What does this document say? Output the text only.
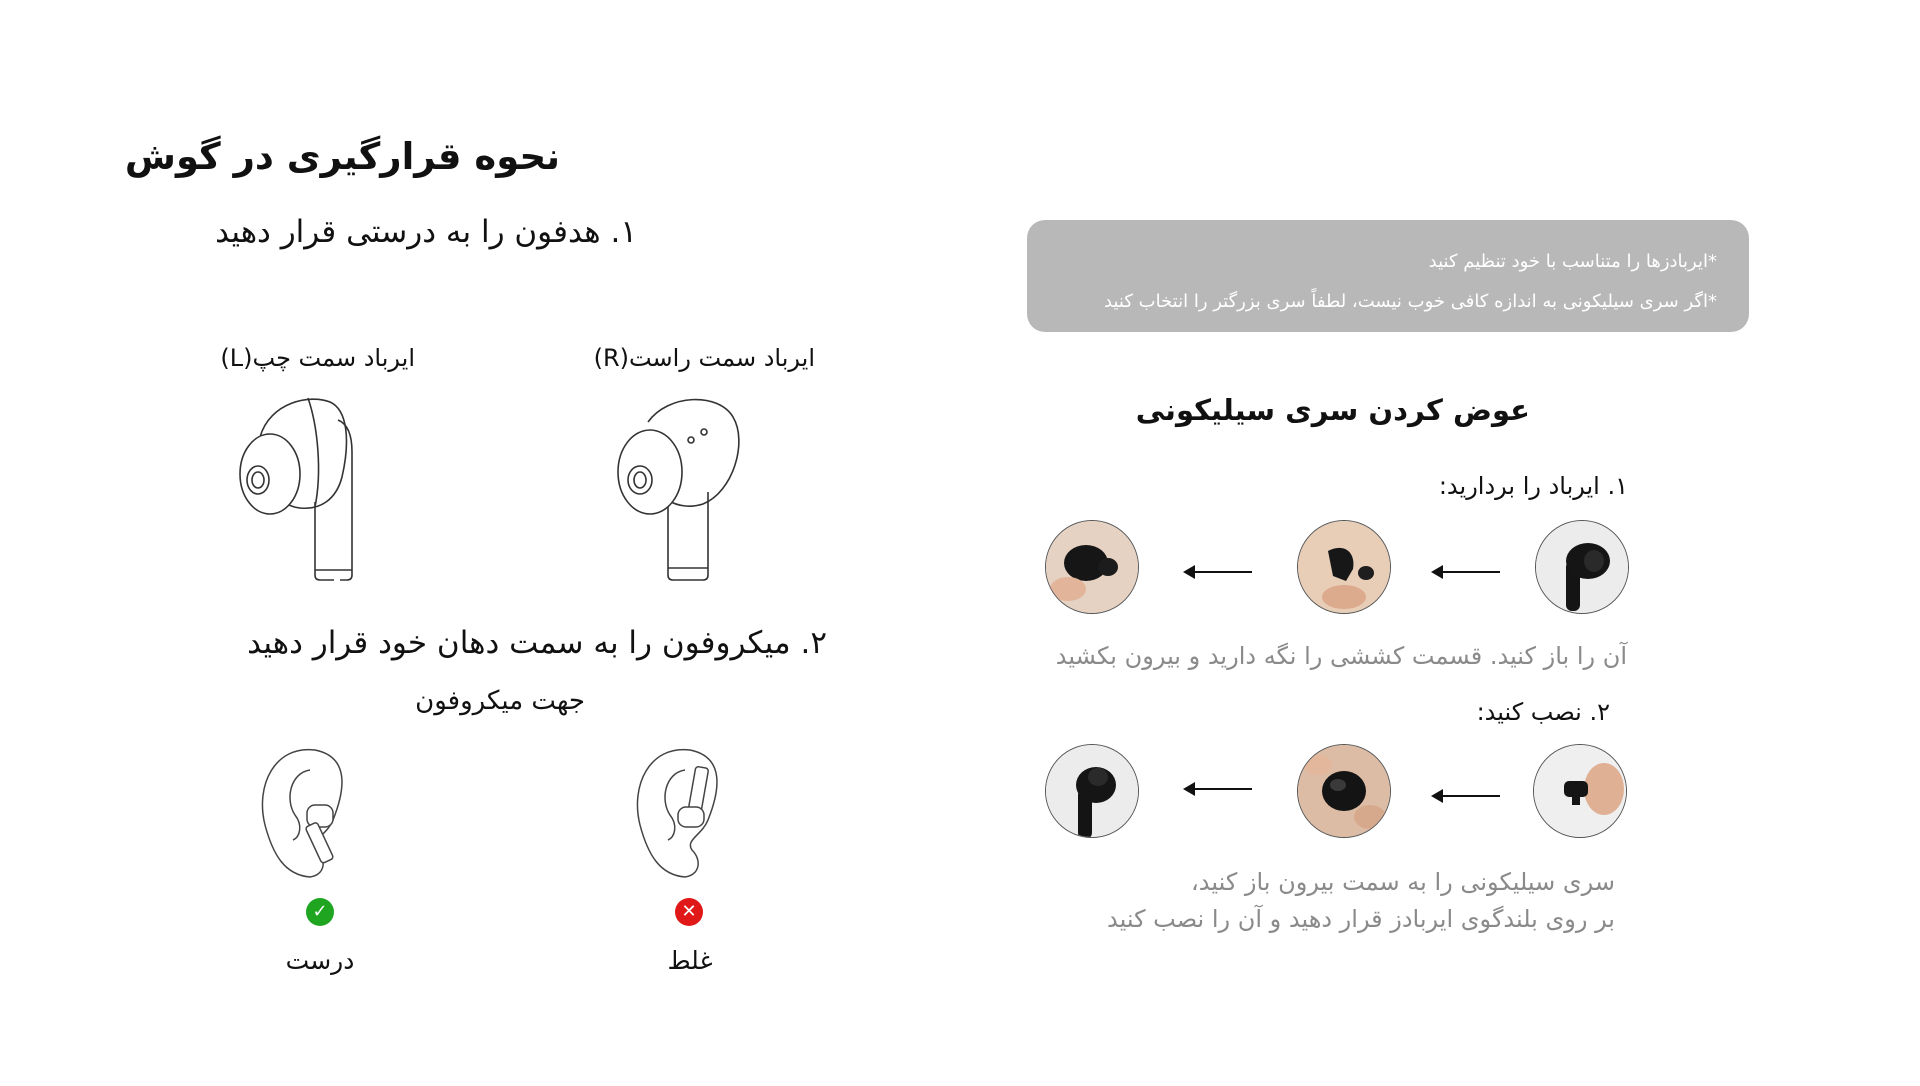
نحوه قرارگیری در گوش
۱. هدفون را به درستی قرار دهید
ایرباد سمت چپ(L)	ایرباد سمت راست(R)
۲. میکروفون را به سمت دهان خود قرار دهید
جهت میکروفون
✓	✕
درست	غلط
*ایربادزها را متناسب با خود تنظیم کنید
*اگر سری سیلیکونی به اندازه کافی خوب نیست، لطفاً سری بزرگتر را انتخاب کنید
عوض کردن سری سیلیکونی
۱. ایرباد را بردارید:
آن را باز کنید. قسمت کششی را نگه دارید و بیرون بکشید
۲. نصب کنید:
سری سیلیکونی را به سمت بیرون باز کنید،
بر روی بلندگوی ایربادز قرار دهید و آن را نصب کنید
